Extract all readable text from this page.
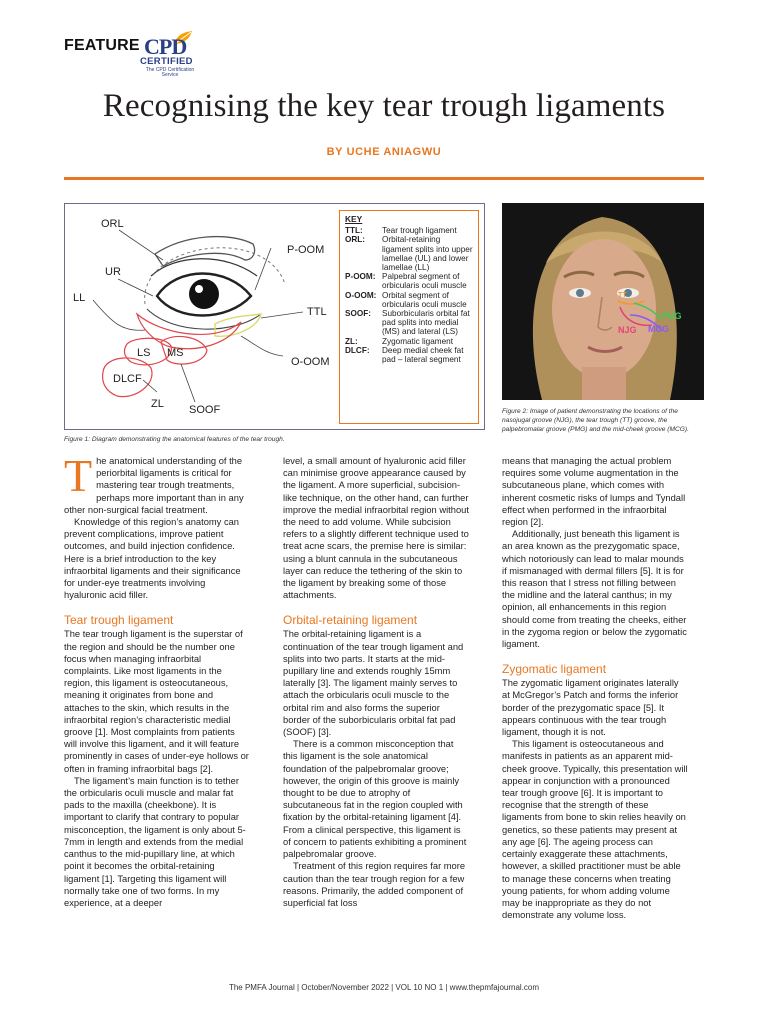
FEATURE CPD
CERTIFIED
The CPD Certification Service
Recognising the key tear trough ligaments
BY UCHE ANIAGWU
ORL
UR
LL
P-OOM
TTL
O-OOM
LS MS
DLCF
ZL SOOF
KEY
TTL:	Tear trough ligament
ORL:	Orbital-retaining ligament splits into upper lamellae (UL) and lower lamellae (LL)
P-OOM: Palpebral segment of orbicularis oculi muscle
O-OOM: Orbital segment of orbicularis oculi muscle
SOOF:	Suborbicularis orbital fat pad splits into medial (MS) and lateral (LS)
ZL:	Zygomatic ligament
DLCF:	Deep medial cheek fat pad – lateral segment
Figure 1: Diagram demonstrating the anatomical features of the tear trough.
TT
PMG
NJG MCG
Figure 2: Image of patient demonstrating the locations of the nasojugal groove (NJG), the tear trough (TT) groove, the palpebromalar groove (PMG) and the mid-cheek groove (MCG).

The anatomical understanding of the periorbital ligaments is critical for mastering tear trough treatments, perhaps more important than in any other non-surgical facial treatment.

Knowledge of this region’s anatomy can prevent complications, improve patient outcomes, and build injection confidence. Here is a brief introduction to the key infraorbital ligaments and their significance for under-eye treatments involving hyaluronic acid filler.

Tear trough ligament

The tear trough ligament is the superstar of the region and should be the number one focus when managing infraorbital complaints. Like most ligaments in the region, this ligament is osteocutaneous, meaning it originates from bone and attaches to the skin, which results in the infraorbital region’s characteristic medial groove [1]. Most complaints from patients will involve this ligament, and it will feature prominently in cases of under-eye hollows or often in framing infraorbital bags [2].

The ligament’s main function is to tether the orbicularis oculi muscle and malar fat pads to the maxilla (cheekbone). It is important to clarify that contrary to popular misconception, the ligament is only about 5-7mm in length and extends from the medial canthus to the mid-pupillary line, at which point it becomes the orbital-retaining ligament [1]. Targeting this ligament will normally take one of two forms. In my experience, at a deeper

level, a small amount of hyaluronic acid filler can minimise groove appearance caused by the ligament. A more superficial, subcision-like technique, on the other hand, can further improve the medial infraorbital region without the need to add volume. While subcision refers to a slightly different technique used to treat acne scars, the premise here is similar: using a blunt cannula in the subcutaneous layer can reduce the tethering of the skin to the ligament by breaking some of those attachments.

Orbital-retaining ligament

The orbital-retaining ligament is a continuation of the tear trough ligament and splits into two parts. It starts at the mid-pupillary line and extends roughly 15mm laterally [3]. The ligament mainly serves to attach the orbicularis oculi muscle to the orbital rim and also forms the superior border of the suborbicularis orbital fat pad (SOOF) [3].

There is a common misconception that this ligament is the sole anatomical foundation of the palpebromalar groove; however, the origin of this groove is mainly thought to be due to atrophy of subcutaneous fat in the region coupled with fixation by the orbital-retaining ligament [4]. From a clinical perspective, this ligament is of concern to patients exhibiting a prominent palpebromalar groove.

Treatment of this region requires far more caution than the tear trough region for a few reasons. Primarily, the added component of superficial fat loss

means that managing the actual problem requires some volume augmentation in the subcutaneous plane, which comes with inherent cosmetic risks of lumps and Tyndall effect when performed in the infraorbital region [2].

Additionally, just beneath this ligament is an area known as the prezygomatic space, which notoriously can lead to malar mounds if mismanaged with dermal fillers [5]. It is for this reason that I stress not filling between the midline and the lateral canthus; in my opinion, all enhancements in this region should come from treating the cheeks, either in the zygoma region or below the zygomatic ligament.

Zygomatic ligament

The zygomatic ligament originates laterally at McGregor’s Patch and forms the inferior border of the prezygomatic space [5]. It appears continuous with the tear trough ligament, though it is not.

This ligament is osteocutaneous and manifests in patients as an apparent mid-cheek groove. Typically, this presentation will appear in conjunction with a pronounced tear trough groove [6]. It is important to recognise that the strength of these ligaments from bone to skin relies heavily on genetics, so these patients may present at any age [6]. The ageing process can certainly exaggerate these attachments, however, a skilled practitioner must be able to manage these concerns when treating young patients, for whom adding volume may be inappropriate as they do not demonstrate any volume loss.

The PMFA Journal | October/November 2022 | VOL 10 NO 1 | www.thepmfajournal.com
